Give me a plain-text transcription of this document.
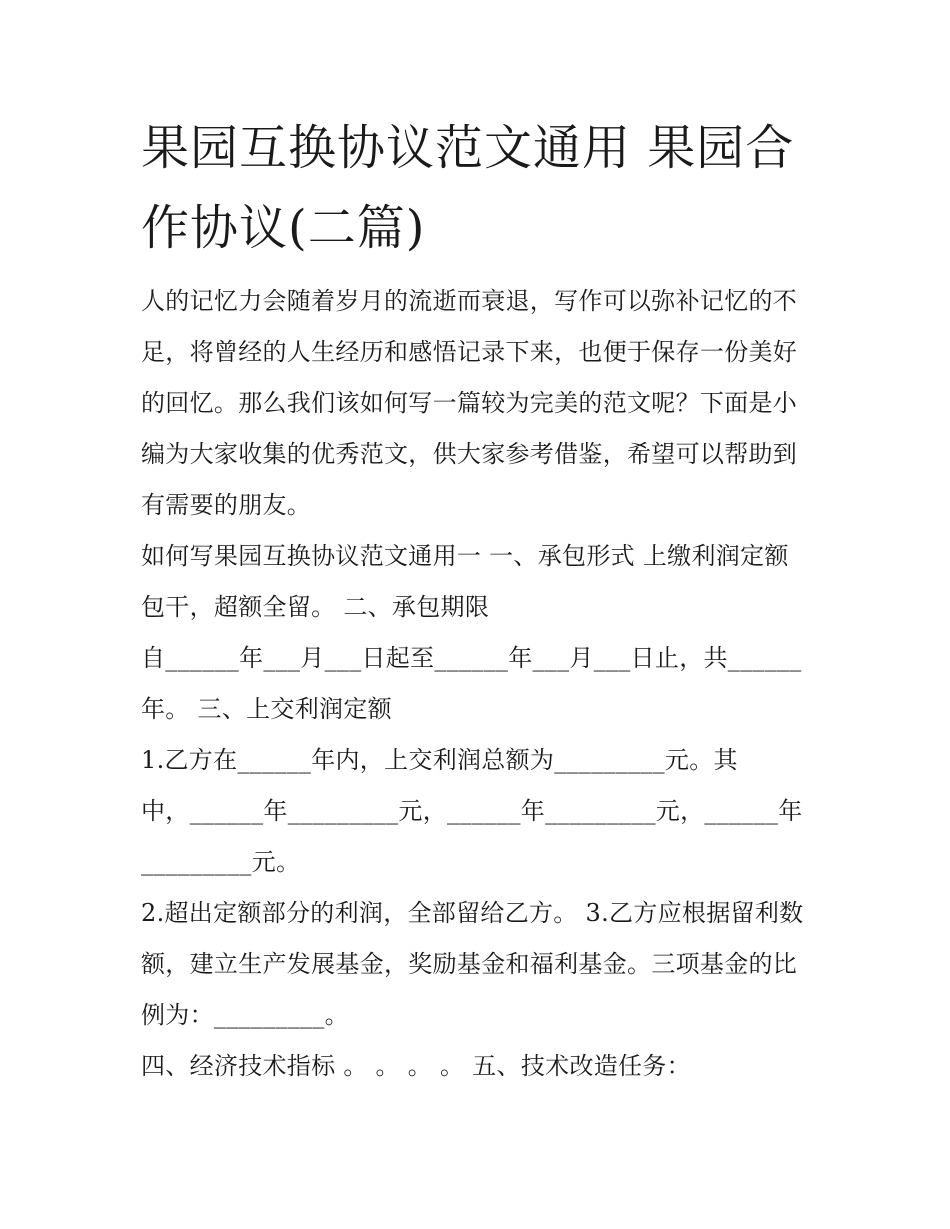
果园互换协议范文通用 果园合
作协议(二篇)

人的记忆力会随着岁月的流逝而衰退，写作可以弥补记忆的不
足，将曾经的人生经历和感悟记录下来，也便于保存一份美好
的回忆。那么我们该如何写一篇较为完美的范文呢？下面是小
编为大家收集的优秀范文，供大家参考借鉴，希望可以帮助到
有需要的朋友。

如何写果园互换协议范文通用一 一、承包形式 上缴利润定额
包干，超额全留。 二、承包期限

自______年___月___日起至______年___月___日止，共______
年。 三、上交利润定额

1.乙方在______年内，上交利润总额为_________元。其
中，______年_________元，______年_________元，______年
_________元。

2.超出定额部分的利润，全部留给乙方。 3.乙方应根据留利数
额，建立生产发展基金，奖励基金和福利基金。三项基金的比
例为：_________。

四、经济技术指标 。 。 。 。 五、技术改造任务：
